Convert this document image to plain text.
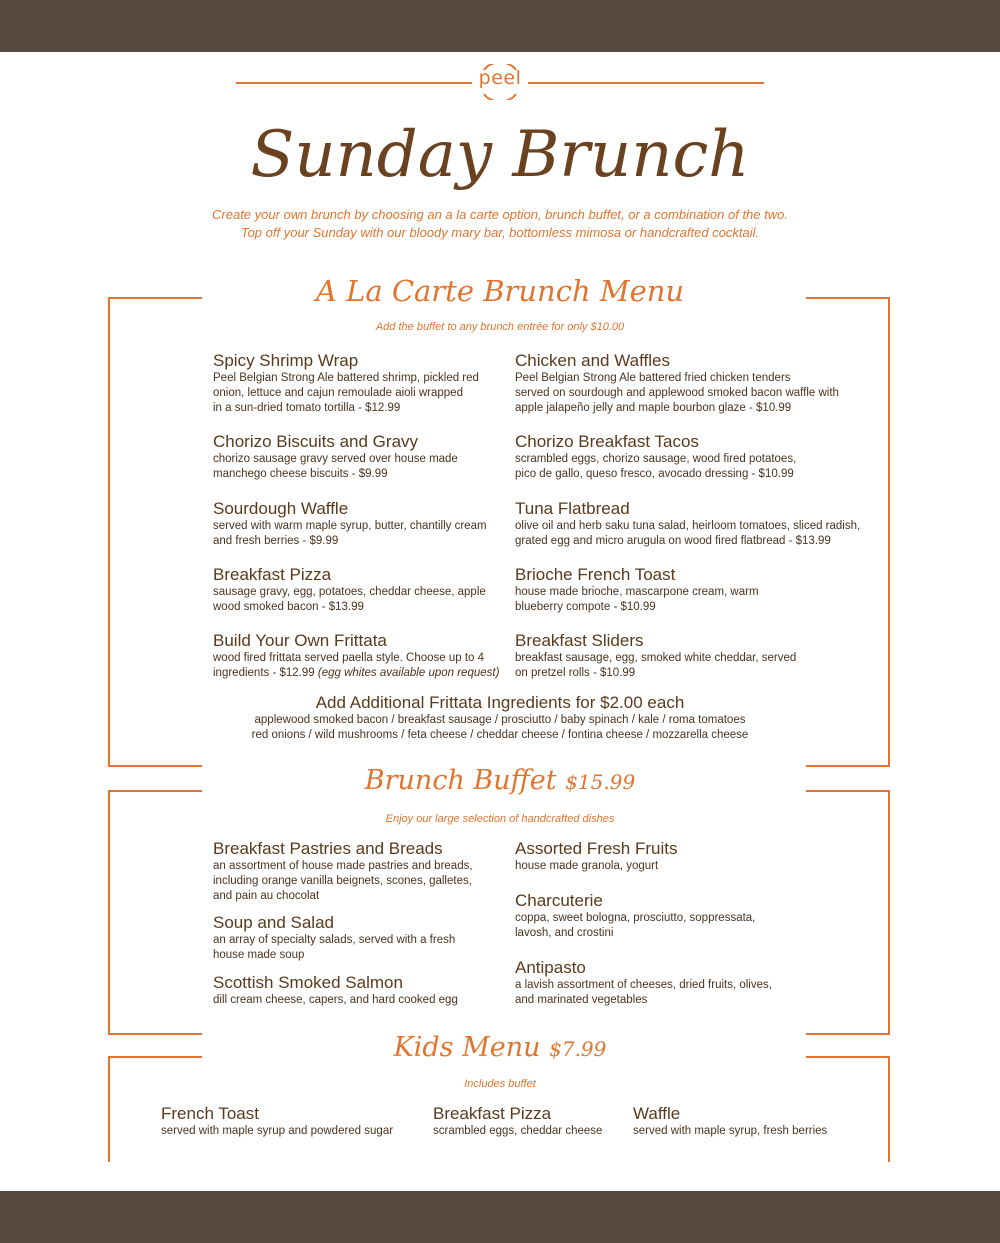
peel
Sunday Brunch
Create your own brunch by choosing an a la carte option, brunch buffet, or a combination of the two.
Top off your Sunday with our bloody mary bar, bottomless mimosa or handcrafted cocktail.
A La Carte Brunch Menu
Add the buffet to any brunch entrée for only $10.00
Spicy Shrimp Wrap
Peel Belgian Strong Ale battered shrimp, pickled red
onion, lettuce and cajun remoulade aioli wrapped
in a sun-dried tomato tortilla - $12.99
Chorizo Biscuits and Gravy
chorizo sausage gravy served over house made
manchego cheese biscuits - $9.99
Sourdough Waffle
served with warm maple syrup, butter, chantilly cream
and fresh berries - $9.99
Breakfast Pizza
sausage gravy, egg, potatoes, cheddar cheese, apple
wood smoked bacon - $13.99
Build Your Own Frittata
wood fired frittata served paella style. Choose up to 4
ingredients - $12.99 (egg whites available upon request)
Chicken and Waffles
Peel Belgian Strong Ale battered fried chicken tenders
served on sourdough and applewood smoked bacon waffle with
apple jalapeño jelly and maple bourbon glaze - $10.99
Chorizo Breakfast Tacos
scrambled eggs, chorizo sausage, wood fired potatoes,
pico de gallo, queso fresco, avocado dressing - $10.99
Tuna Flatbread
olive oil and herb saku tuna salad, heirloom tomatoes, sliced radish,
grated egg and micro arugula on wood fired flatbread - $13.99
Brioche French Toast
house made brioche, mascarpone cream, warm
blueberry compote - $10.99
Breakfast Sliders
breakfast sausage, egg, smoked white cheddar, served
on pretzel rolls - $10.99
Add Additional Frittata Ingredients for $2.00 each
applewood smoked bacon / breakfast sausage / prosciutto / baby spinach / kale / roma tomatoes
red onions / wild mushrooms / feta cheese / cheddar cheese / fontina cheese / mozzarella cheese
Brunch Buffet $15.99
Enjoy our large selection of handcrafted dishes
Breakfast Pastries and Breads
an assortment of house made pastries and breads,
including orange vanilla beignets, scones, galletes,
and pain au chocolat
Soup and Salad
an array of specialty salads, served with a fresh
house made soup
Scottish Smoked Salmon
dill cream cheese, capers, and hard cooked egg
Assorted Fresh Fruits
house made granola, yogurt
Charcuterie
coppa, sweet bologna, prosciutto, soppressata,
lavosh, and crostini
Antipasto
a lavish assortment of cheeses, dried fruits, olives,
and marinated vegetables
Kids Menu $7.99
Includes buffet
French Toast
served with maple syrup and powdered sugar
Breakfast Pizza
scrambled eggs, cheddar cheese
Waffle
served with maple syrup, fresh berries
